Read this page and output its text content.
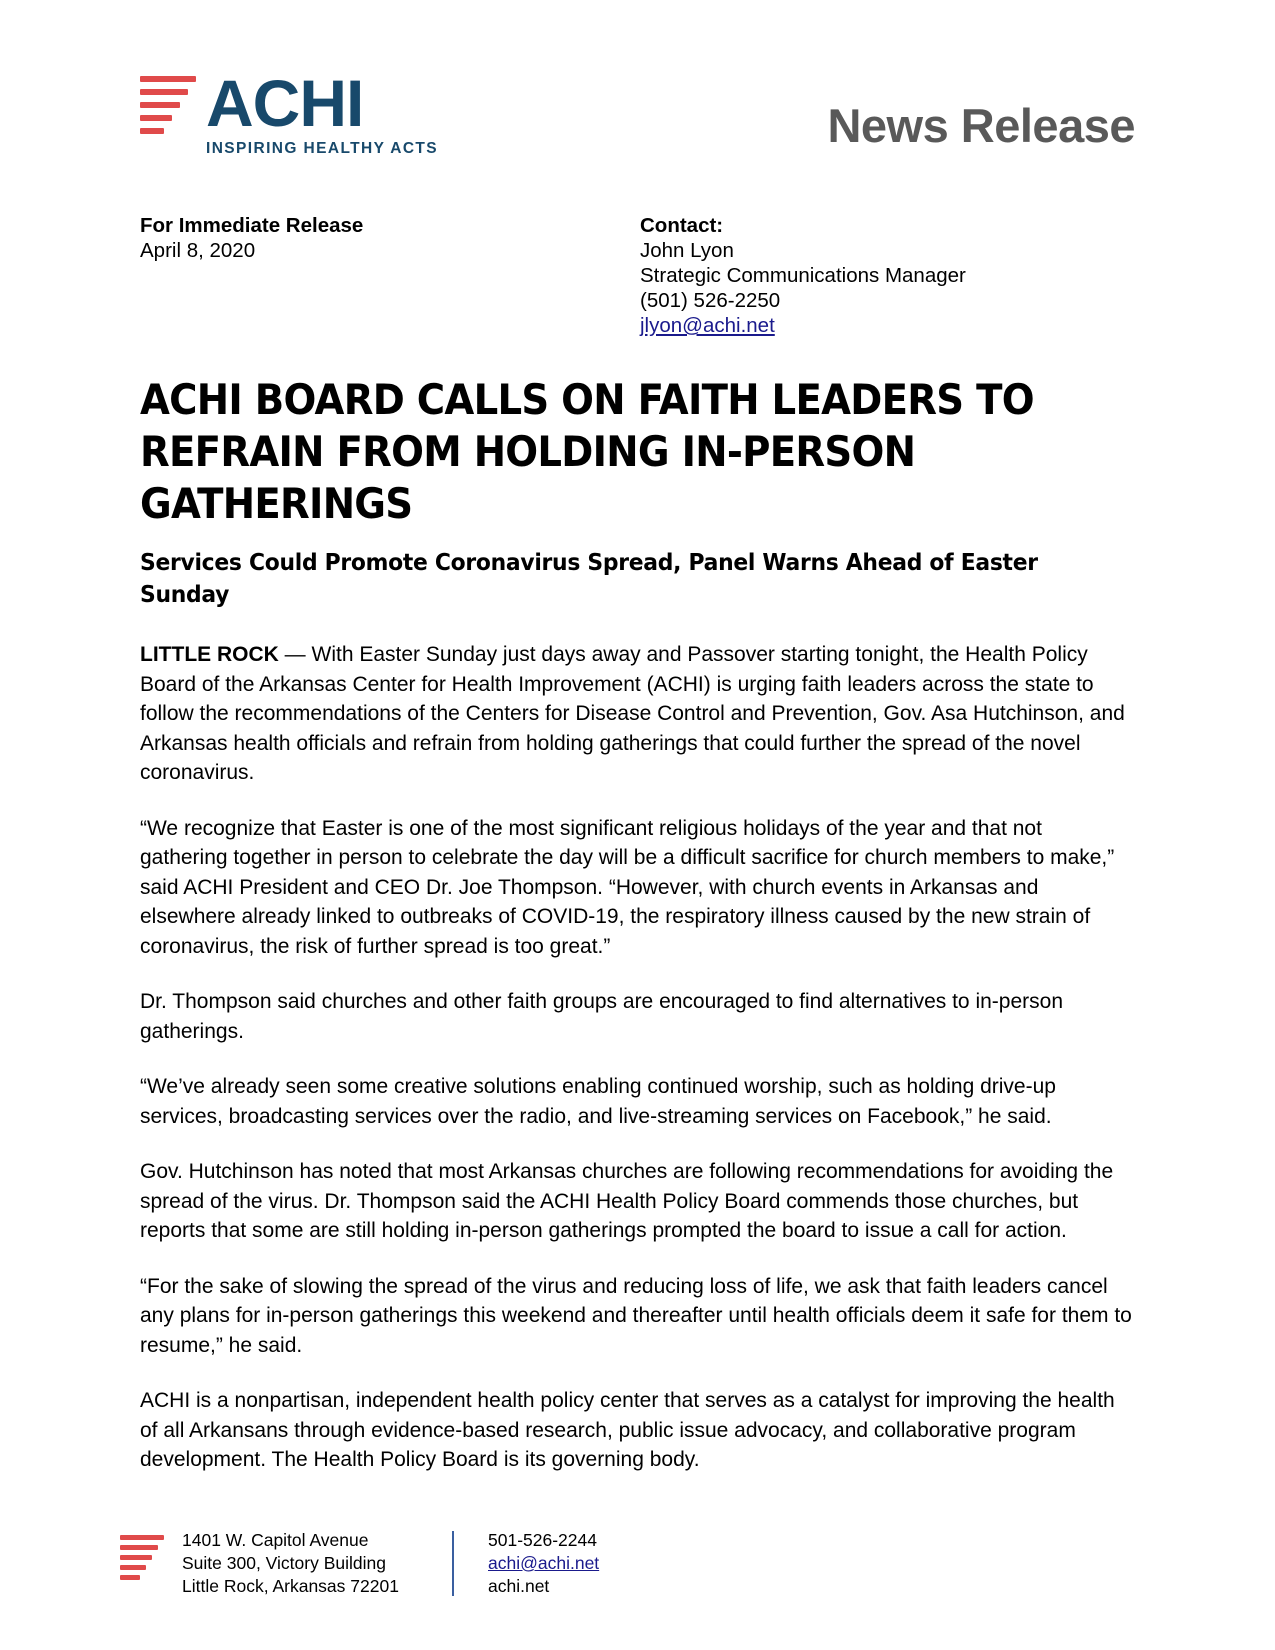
ACHI
INSPIRING HEALTHY ACTS	News Release
For Immediate Release
April 8, 2020
Contact:
John Lyon
Strategic Communications Manager
(501) 526-2250
jlyon@achi.net
ACHI BOARD CALLS ON FAITH LEADERS TO REFRAIN FROM HOLDING IN-PERSON GATHERINGS
Services Could Promote Coronavirus Spread, Panel Warns Ahead of Easter Sunday

LITTLE ROCK — With Easter Sunday just days away and Passover starting tonight, the Health Policy Board of the Arkansas Center for Health Improvement (ACHI) is urging faith leaders across the state to follow the recommendations of the Centers for Disease Control and Prevention, Gov. Asa Hutchinson, and Arkansas health officials and refrain from holding gatherings that could further the spread of the novel coronavirus.

“We recognize that Easter is one of the most significant religious holidays of the year and that not gathering together in person to celebrate the day will be a difficult sacrifice for church members to make,” said ACHI President and CEO Dr. Joe Thompson. “However, with church events in Arkansas and elsewhere already linked to outbreaks of COVID-19, the respiratory illness caused by the new strain of coronavirus, the risk of further spread is too great.”

Dr. Thompson said churches and other faith groups are encouraged to find alternatives to in-person gatherings.

“We’ve already seen some creative solutions enabling continued worship, such as holding drive-up services, broadcasting services over the radio, and live-streaming services on Facebook,” he said.

Gov. Hutchinson has noted that most Arkansas churches are following recommendations for avoiding the spread of the virus. Dr. Thompson said the ACHI Health Policy Board commends those churches, but reports that some are still holding in-person gatherings prompted the board to issue a call for action.

“For the sake of slowing the spread of the virus and reducing loss of life, we ask that faith leaders cancel any plans for in-person gatherings this weekend and thereafter until health officials deem it safe for them to resume,” he said.

ACHI is a nonpartisan, independent health policy center that serves as a catalyst for improving the health of all Arkansans through evidence-based research, public issue advocacy, and collaborative program development. The Health Policy Board is its governing body.

1401 W. Capitol Avenue
Suite 300, Victory Building
Little Rock, Arkansas 72201
501-526-2244
achi@achi.net
achi.net
